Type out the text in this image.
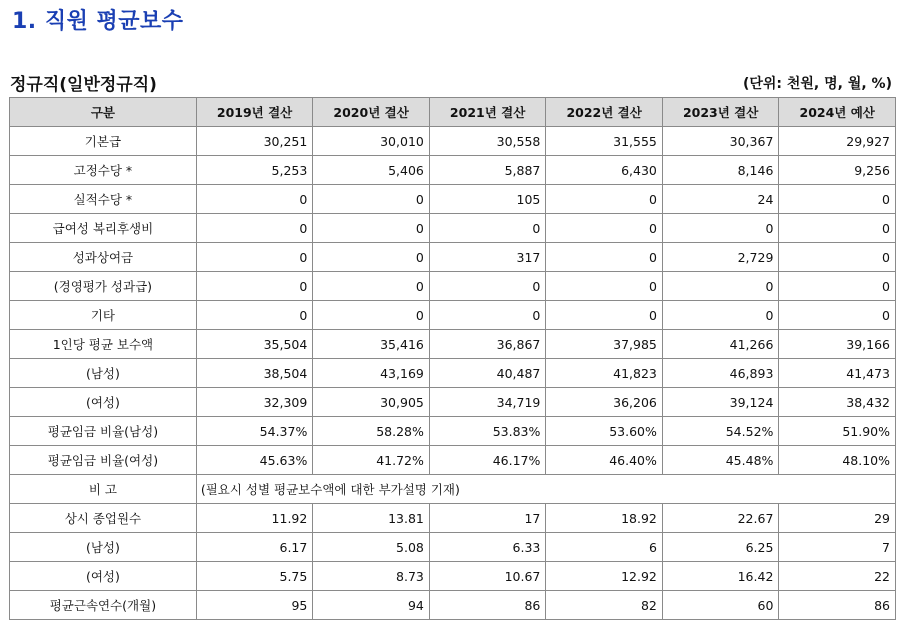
1. 직원 평균보수
정규직(일반정규직)	(단위: 천원, 명, 월, %)
구분	2019년 결산	2020년 결산	2021년 결산	2022년 결산	2023년 결산	2024년 예산
기본급	30,251	30,010	30,558	31,555	30,367	29,927
고정수당 *	5,253	5,406	5,887	6,430	8,146	9,256
실적수당 *	0	0	105	0	24	0
급여성 복리후생비	0	0	0	0	0	0
성과상여금	0	0	317	0	2,729	0
(경영평가 성과급)	0	0	0	0	0	0
기타	0	0	0	0	0	0
1인당 평균 보수액	35,504	35,416	36,867	37,985	41,266	39,166
(남성)	38,504	43,169	40,487	41,823	46,893	41,473
(여성)	32,309	30,905	34,719	36,206	39,124	38,432
평균임금 비율(남성)	54.37%	58.28%	53.83%	53.60%	54.52%	51.90%
평균임금 비율(여성)	45.63%	41.72%	46.17%	46.40%	45.48%	48.10%
비 고	(필요시 성별 평균보수액에 대한 부가설명 기재)					
상시 종업원수	11.92	13.81	17	18.92	22.67	29
(남성)	6.17	5.08	6.33	6	6.25	7
(여성)	5.75	8.73	10.67	12.92	16.42	22
평균근속연수(개월)	95	94	86	82	60	86
